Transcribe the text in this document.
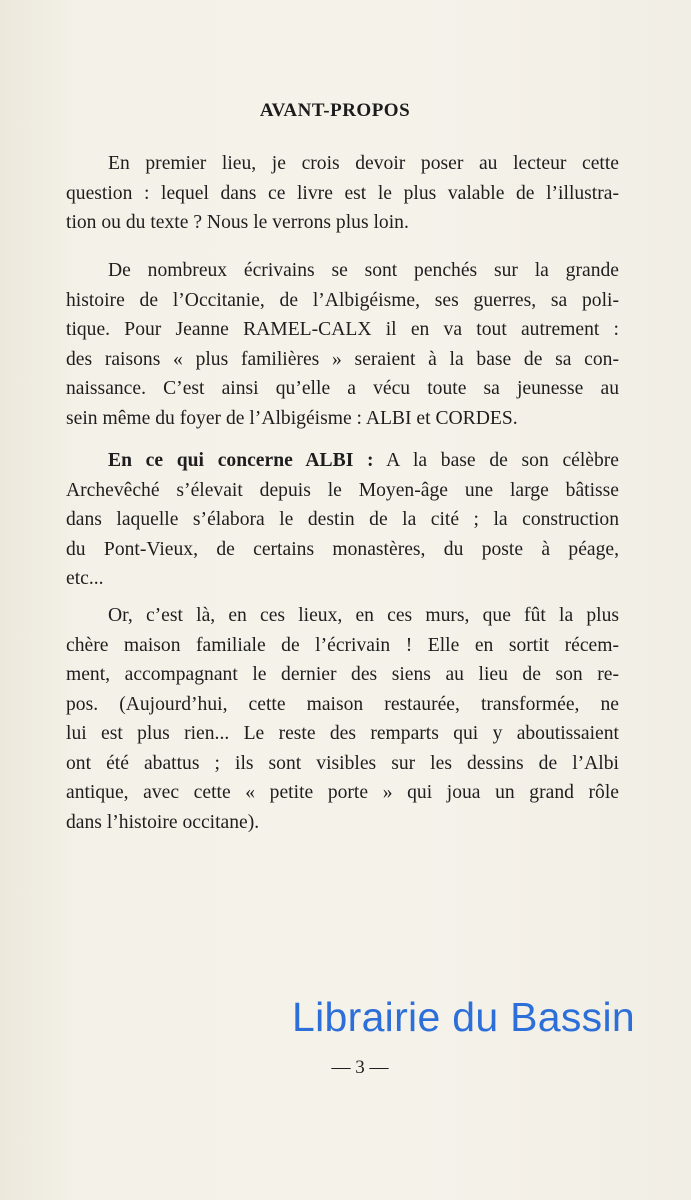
AVANT-PROPOS
En premier lieu, je crois devoir poser au lecteur cette
question : lequel dans ce livre est le plus valable de l’illustra-
tion ou du texte ? Nous le verrons plus loin.
De nombreux écrivains se sont penchés sur la grande
histoire de l’Occitanie, de l’Albigéisme, ses guerres, sa poli-
tique. Pour Jeanne RAMEL-CALX il en va tout autrement :
des raisons « plus familières » seraient à la base de sa con-
naissance. C’est ainsi qu’elle a vécu toute sa jeunesse au
sein même du foyer de l’Albigéisme : ALBI et CORDES.
En ce qui concerne ALBI : A la base de son célèbre
Archevêché s’élevait depuis le Moyen-âge une large bâtisse
dans laquelle s’élabora le destin de la cité ; la construction
du Pont-Vieux, de certains monastères, du poste à péage,
etc...
Or, c’est là, en ces lieux, en ces murs, que fût la plus
chère maison familiale de l’écrivain ! Elle en sortit récem-
ment, accompagnant le dernier des siens au lieu de son re-
pos. (Aujourd’hui, cette maison restaurée, transformée, ne
lui est plus rien... Le reste des remparts qui y aboutissaient
ont été abattus ; ils sont visibles sur les dessins de l’Albi
antique, avec cette « petite porte » qui joua un grand rôle
dans l’histoire occitane).
Librairie du Bassin
— 3 —
